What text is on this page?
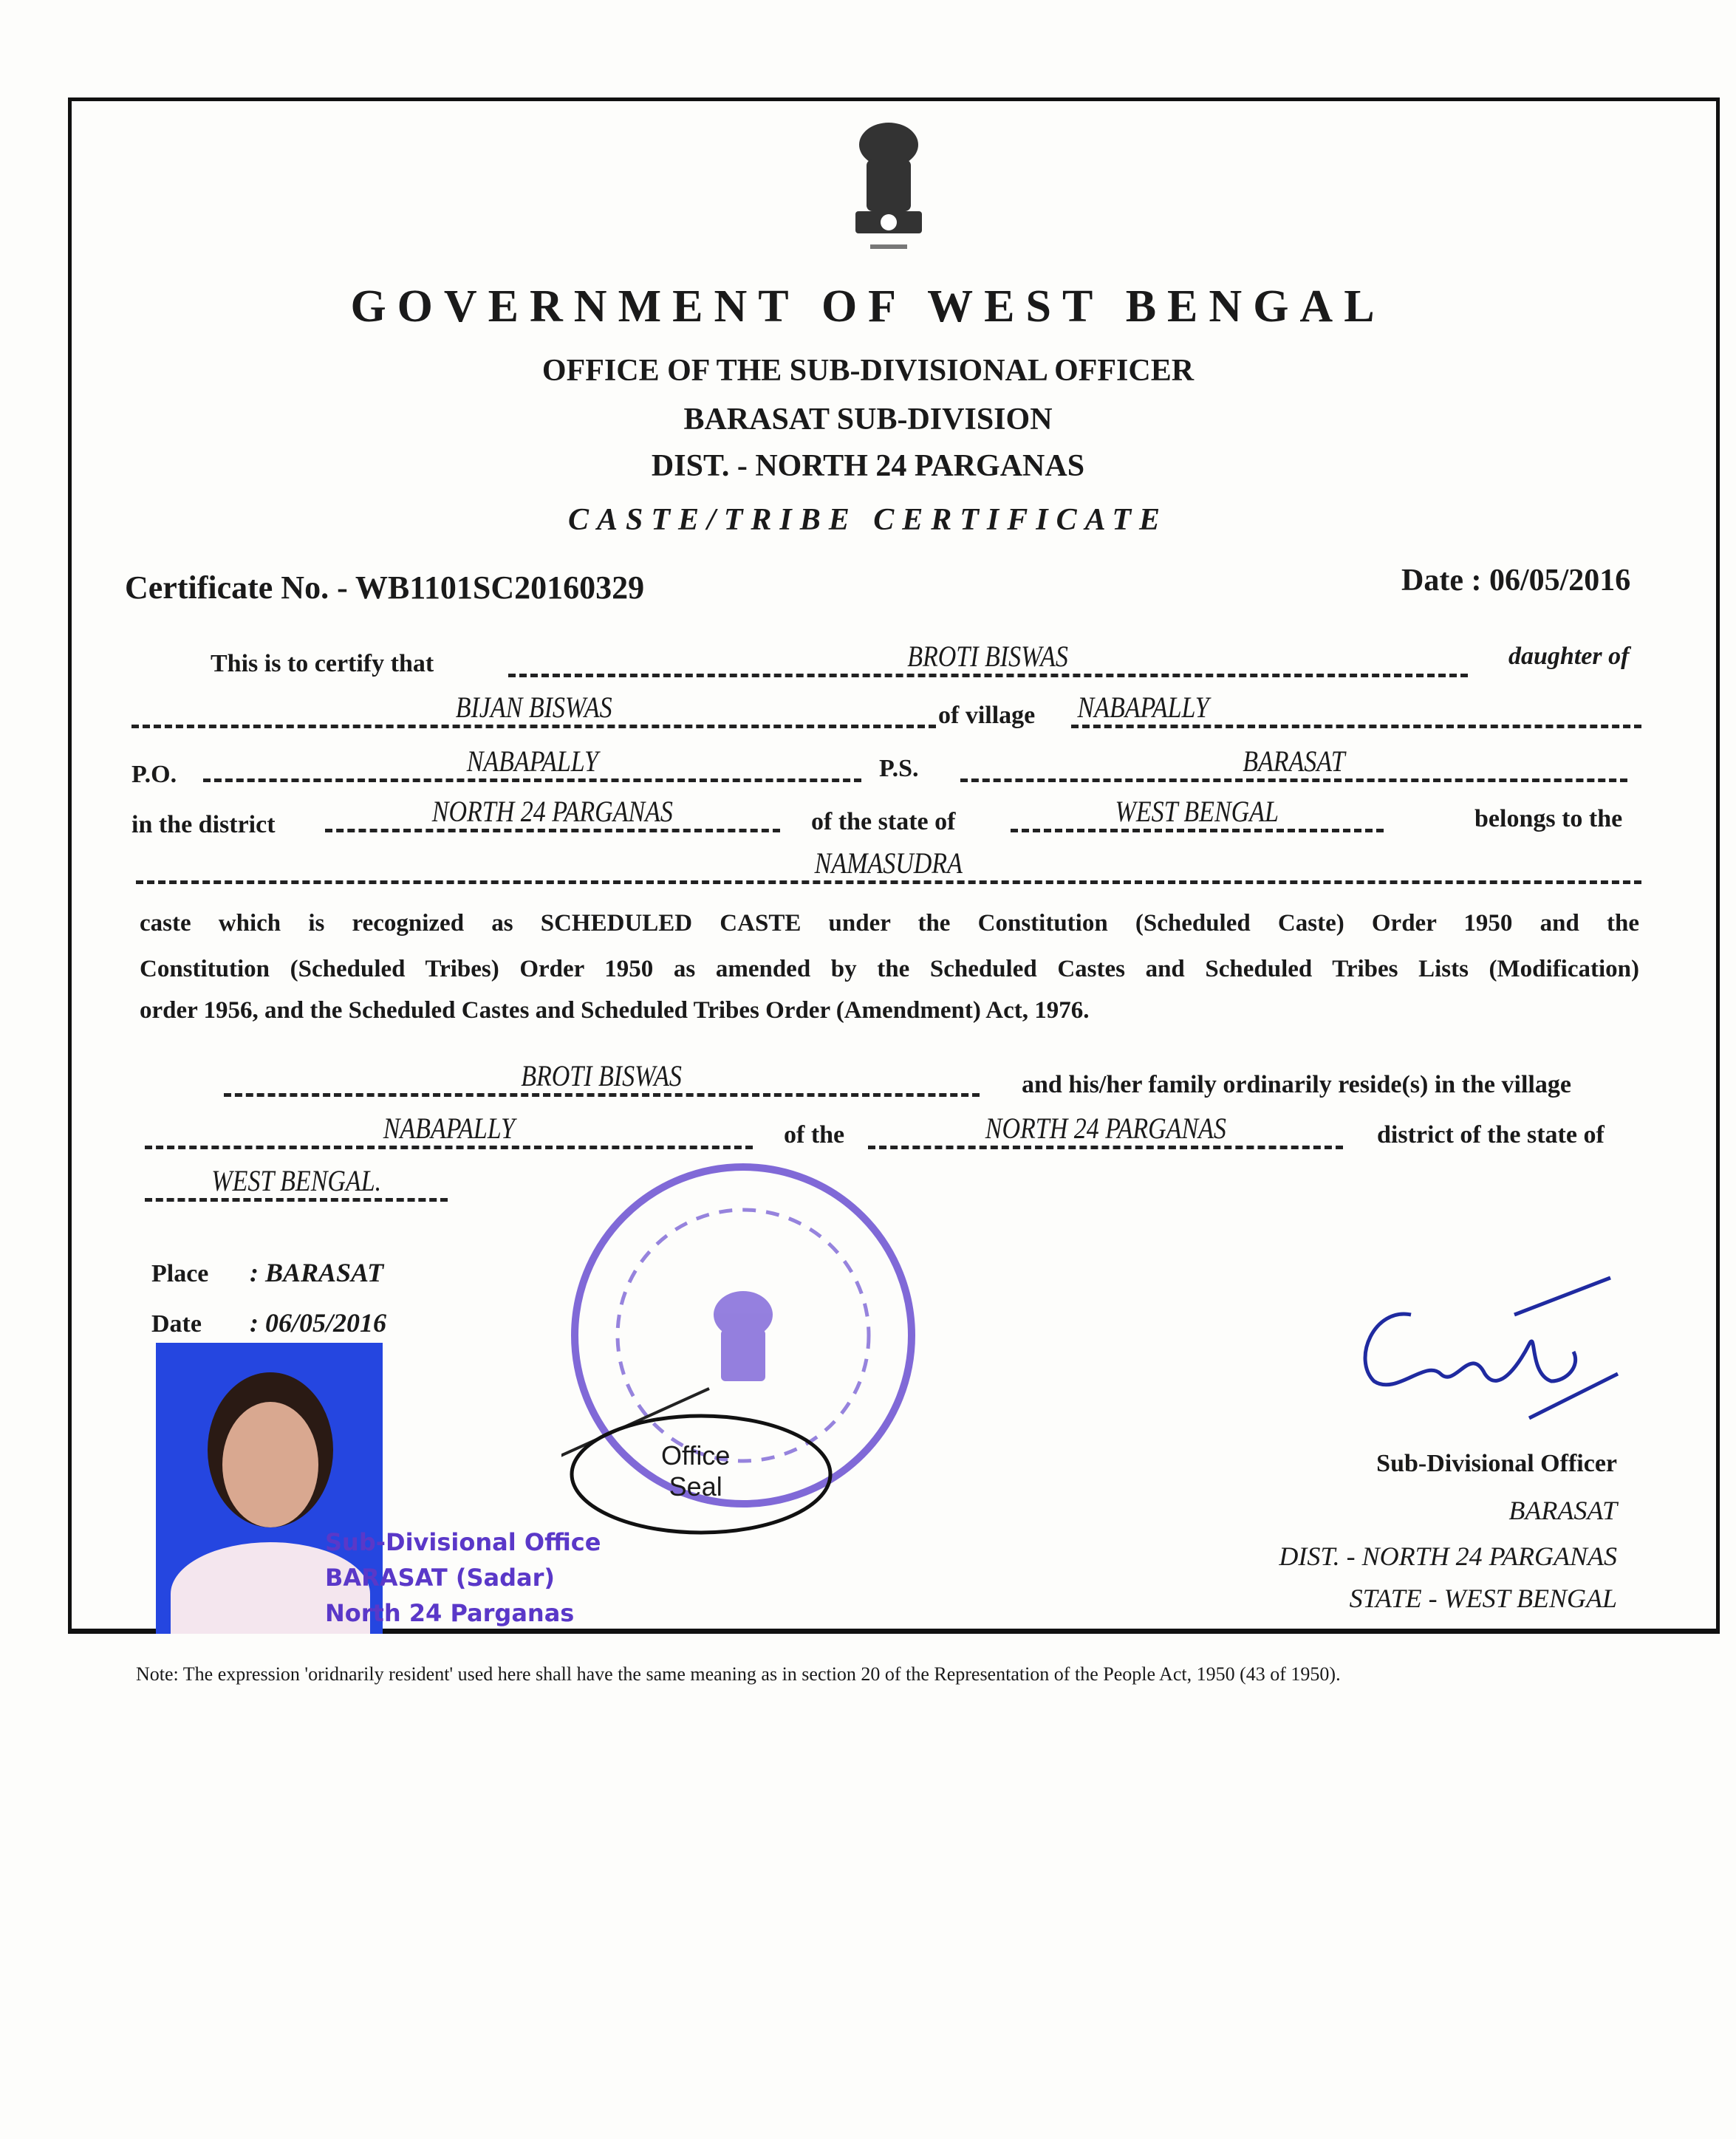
GOVERNMENT OF WEST BENGAL
OFFICE OF THE SUB-DIVISIONAL OFFICER
BARASAT SUB-DIVISION
DIST. - NORTH 24 PARGANAS
CASTE/TRIBE CERTIFICATE
Certificate No. - WB1101SC20160329	Date : 06/05/2016
This is to certify that	BROTI BISWAS	daughter of
BIJAN BISWAS	of village NABAPALLY
P.O.	NABAPALLY	P.S.	BARASAT
in the district	NORTH 24 PARGANAS	of the state of	WEST BENGAL	belongs to the
NAMASUDRA
caste which is recognized as SCHEDULED CASTE under the Constitution (Scheduled Caste) Order 1950 and the
Constitution (Scheduled Tribes) Order 1950 as amended by the Scheduled Castes and Scheduled Tribes Lists (Modification)
order 1956, and the Scheduled Castes and Scheduled Tribes Order (Amendment) Act, 1976.
BROTI BISWAS	and his/her family ordinarily reside(s) in the village
NABAPALLY	of the	NORTH 24 PARGANAS	district of the state of
WEST BENGAL.
Place : BARASAT
Date : 06/05/2016
Sub-Divisional Office
BARASAT (Sadar)
North 24 Parganas
Office
Seal
Sub-Divisional Officer
BARASAT
DIST. - NORTH 24 PARGANAS
STATE - WEST BENGAL
Note: The expression 'oridnarily resident' used here shall have the same meaning as in section 20 of the Representation of the People Act, 1950 (43 of 1950).
